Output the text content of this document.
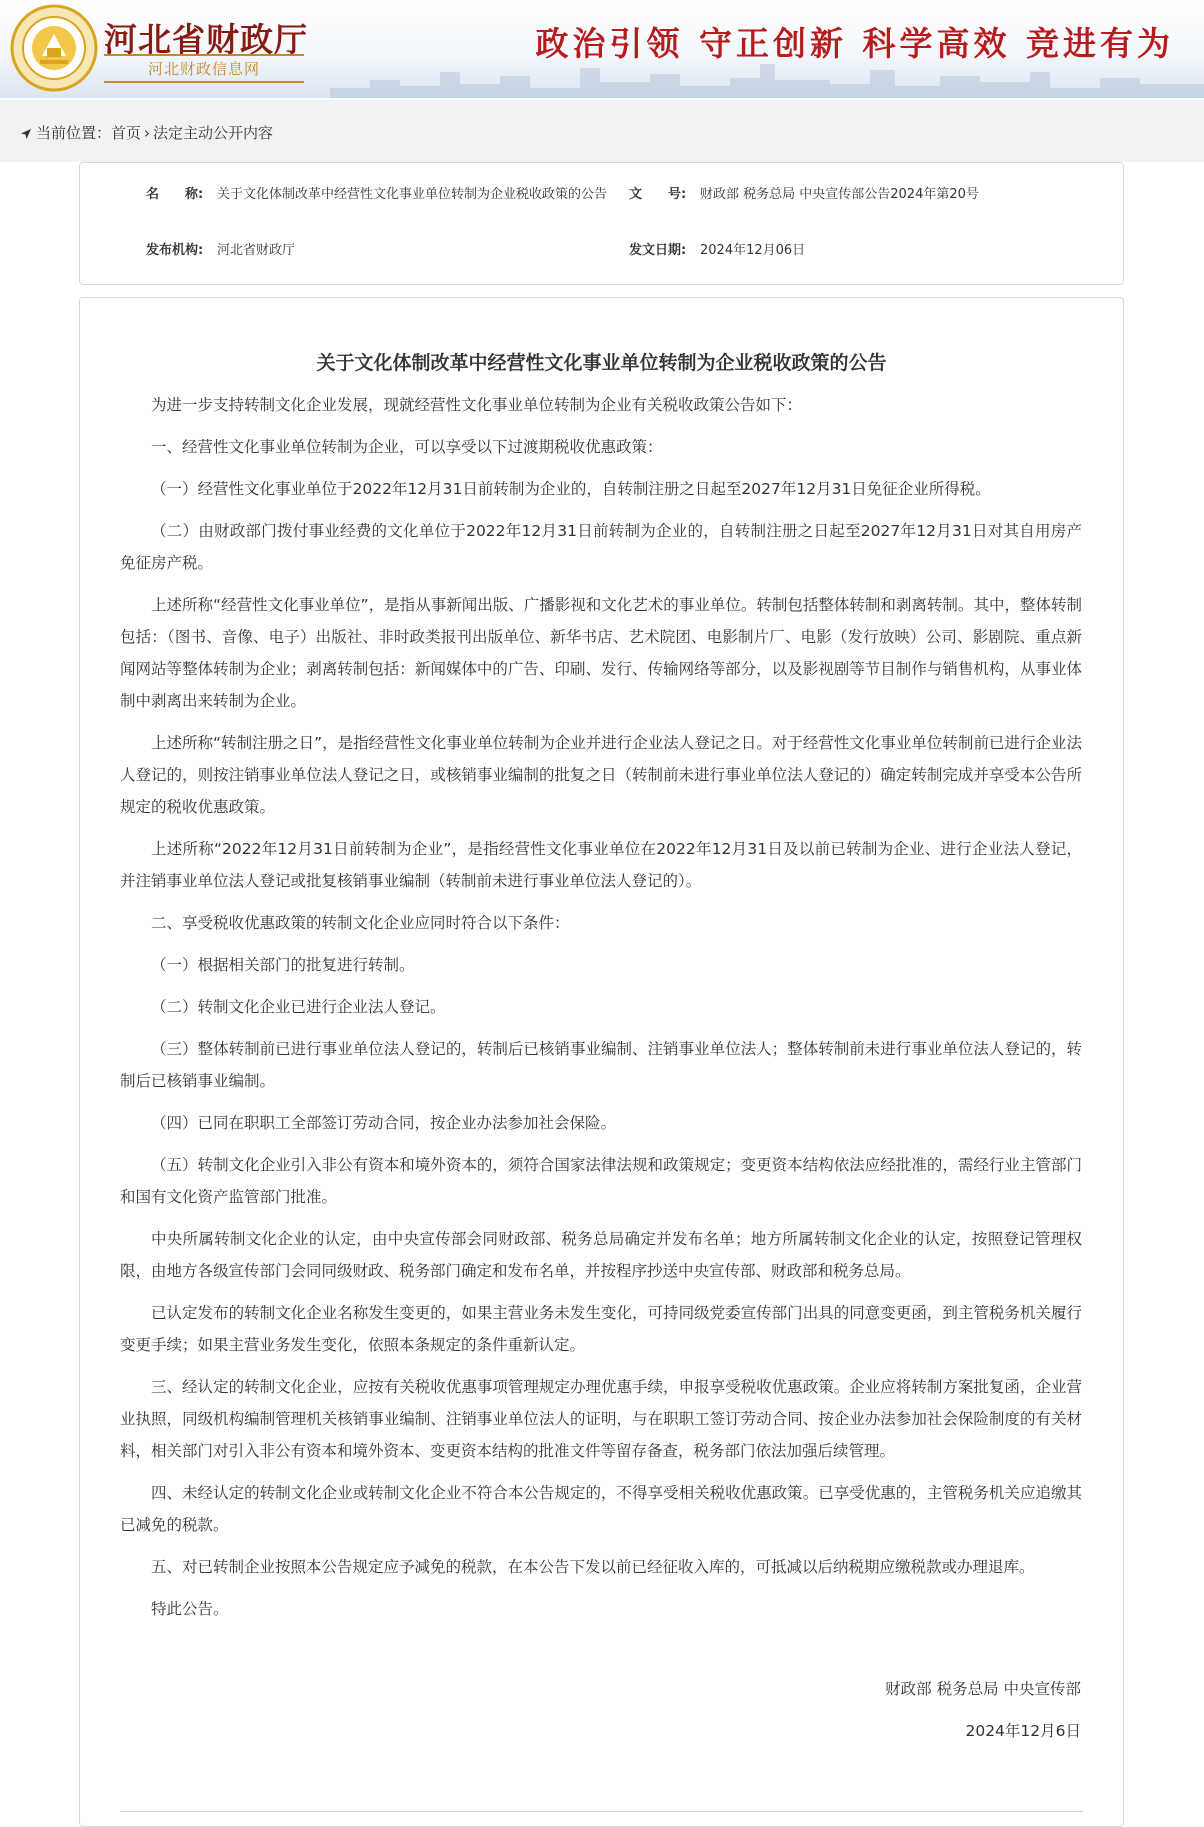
河北省财政厅
河北财政信息网
政治引领 守正创新 科学高效 竞进有为
当前位置：首页 › 法定主动公开内容
名　　称: 关于文化体制改革中经营性文化事业单位转制为企业税收政策的公告 文　　号: 财政部 税务总局 中央宣传部公告2024年第20号
发布机构: 河北省财政厅	发文日期: 2024年12月06日
关于文化体制改革中经营性文化事业单位转制为企业税收政策的公告

为进一步支持转制文化企业发展，现就经营性文化事业单位转制为企业有关税收政策公告如下：

一、经营性文化事业单位转制为企业，可以享受以下过渡期税收优惠政策：

（一）经营性文化事业单位于2022年12月31日前转制为企业的，自转制注册之日起至2027年12月31日免征企业所得税。

（二）由财政部门拨付事业经费的文化单位于2022年12月31日前转制为企业的，自转制注册之日起至2027年12月31日对其自用房产免征房产税。

上述所称“经营性文化事业单位”，是指从事新闻出版、广播影视和文化艺术的事业单位。转制包括整体转制和剥离转制。其中，整体转制包括：（图书、音像、电子）出版社、非时政类报刊出版单位、新华书店、艺术院团、电影制片厂、电影（发行放映）公司、影剧院、重点新闻网站等整体转制为企业；剥离转制包括：新闻媒体中的广告、印刷、发行、传输网络等部分，以及影视剧等节目制作与销售机构，从事业体制中剥离出来转制为企业。

上述所称“转制注册之日”，是指经营性文化事业单位转制为企业并进行企业法人登记之日。对于经营性文化事业单位转制前已进行企业法人登记的，则按注销事业单位法人登记之日，或核销事业编制的批复之日（转制前未进行事业单位法人登记的）确定转制完成并享受本公告所规定的税收优惠政策。

上述所称“2022年12月31日前转制为企业”，是指经营性文化事业单位在2022年12月31日及以前已转制为企业、进行企业法人登记，并注销事业单位法人登记或批复核销事业编制（转制前未进行事业单位法人登记的）。

二、享受税收优惠政策的转制文化企业应同时符合以下条件：

（一）根据相关部门的批复进行转制。

（二）转制文化企业已进行企业法人登记。

（三）整体转制前已进行事业单位法人登记的，转制后已核销事业编制、注销事业单位法人；整体转制前未进行事业单位法人登记的，转制后已核销事业编制。

（四）已同在职职工全部签订劳动合同，按企业办法参加社会保险。

（五）转制文化企业引入非公有资本和境外资本的，须符合国家法律法规和政策规定；变更资本结构依法应经批准的，需经行业主管部门和国有文化资产监管部门批准。

中央所属转制文化企业的认定，由中央宣传部会同财政部、税务总局确定并发布名单；地方所属转制文化企业的认定，按照登记管理权限，由地方各级宣传部门会同同级财政、税务部门确定和发布名单，并按程序抄送中央宣传部、财政部和税务总局。

已认定发布的转制文化企业名称发生变更的，如果主营业务未发生变化，可持同级党委宣传部门出具的同意变更函，到主管税务机关履行变更手续；如果主营业务发生变化，依照本条规定的条件重新认定。

三、经认定的转制文化企业，应按有关税收优惠事项管理规定办理优惠手续，申报享受税收优惠政策。企业应将转制方案批复函，企业营业执照，同级机构编制管理机关核销事业编制、注销事业单位法人的证明，与在职职工签订劳动合同、按企业办法参加社会保险制度的有关材料，相关部门对引入非公有资本和境外资本、变更资本结构的批准文件等留存备查，税务部门依法加强后续管理。

四、未经认定的转制文化企业或转制文化企业不符合本公告规定的，不得享受相关税收优惠政策。已享受优惠的，主管税务机关应追缴其已减免的税款。

五、对已转制企业按照本公告规定应予减免的税款，在本公告下发以前已经征收入库的，可抵减以后纳税期应缴税款或办理退库。

特此公告。

财政部 税务总局 中央宣传部
2024年12月6日
